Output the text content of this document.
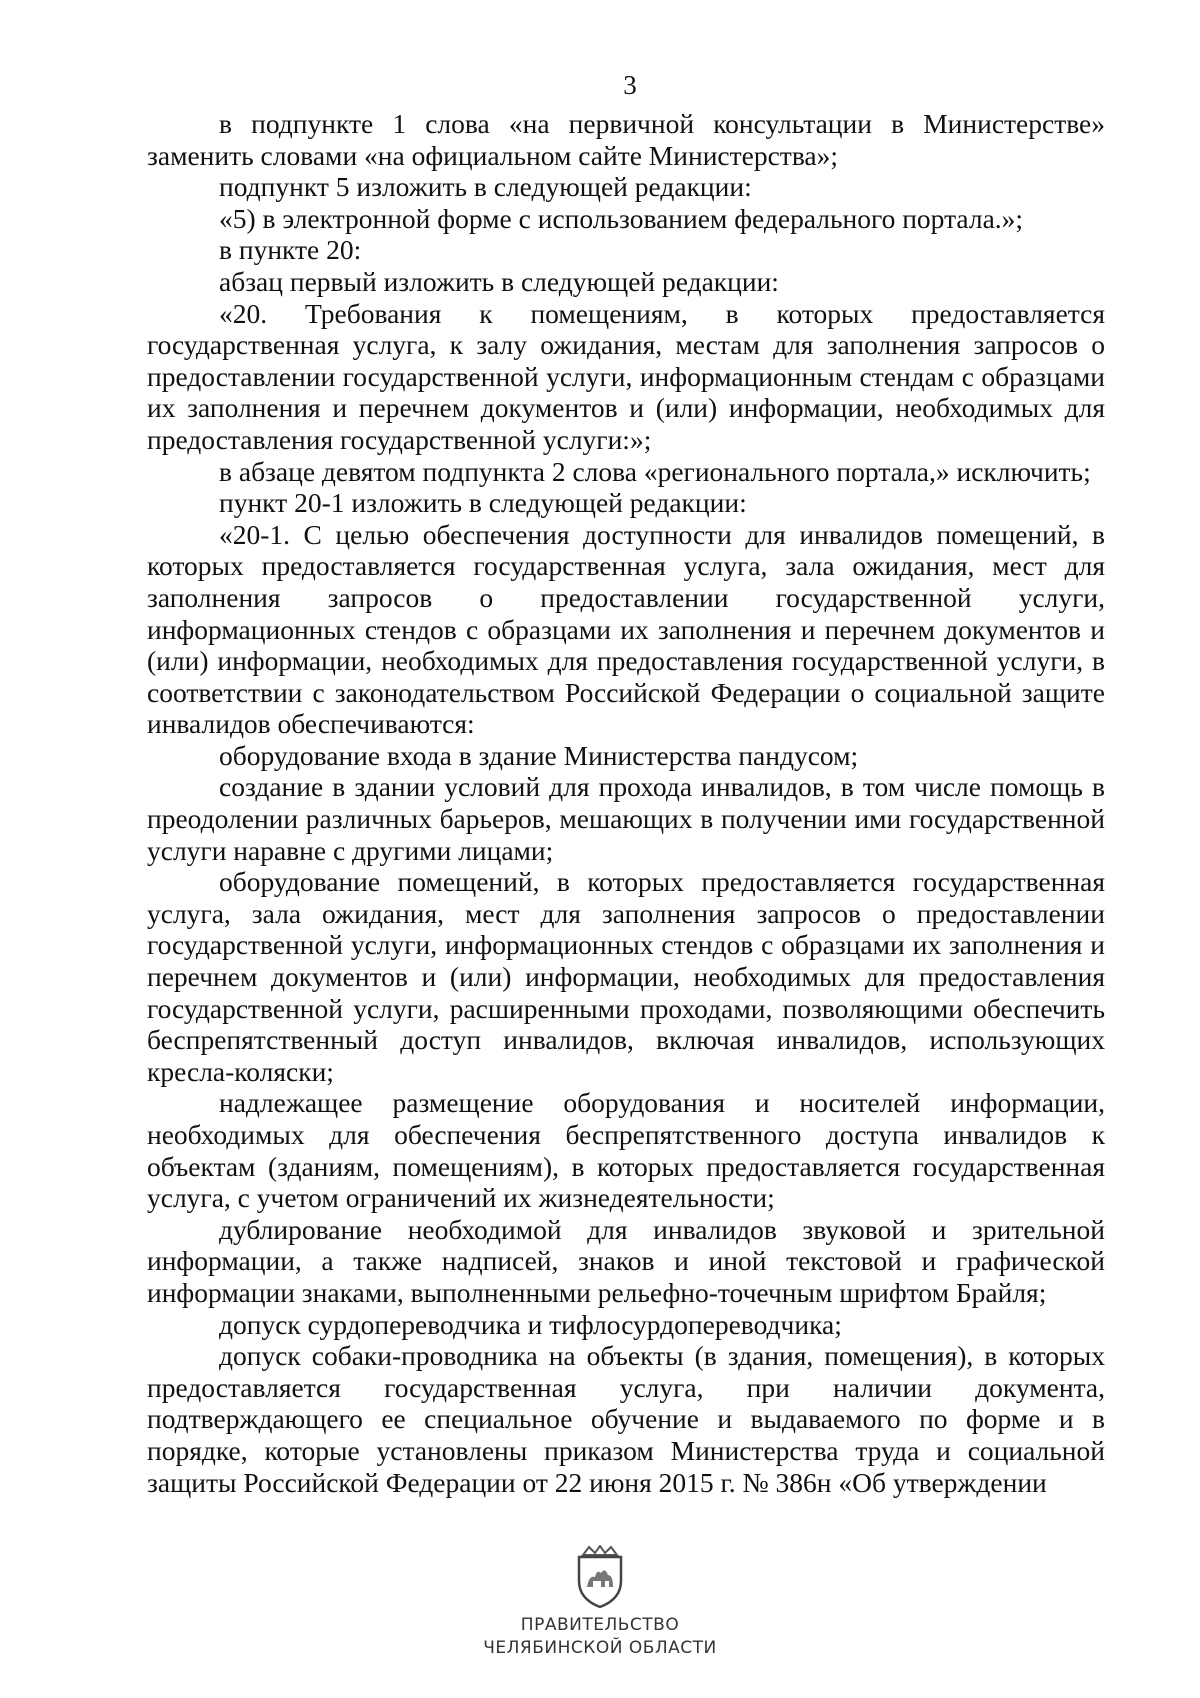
3

в подпункте 1 слова «на первичной консультации в Министерстве» заменить словами «на официальном сайте Министерства»;

подпункт 5 изложить в следующей редакции:

«5) в электронной форме с использованием федерального портала.»;

в пункте 20:

абзац первый изложить в следующей редакции:

«20. Требования к помещениям, в которых предоставляется государственная услуга, к залу ожидания, местам для заполнения запросов о предоставлении государственной услуги, информационным стендам с образцами их заполнения и перечнем документов и (или) информации, необходимых для предоставления государственной услуги:»;

в абзаце девятом подпункта 2 слова «регионального портала,» исключить;

пункт 20-1 изложить в следующей редакции:

«20-1. С целью обеспечения доступности для инвалидов помещений, в которых предоставляется государственная услуга, зала ожидания, мест для заполнения запросов о предоставлении государственной услуги, информационных стендов с образцами их заполнения и перечнем документов и (или) информации, необходимых для предоставления государственной услуги, в соответствии с законодательством Российской Федерации о социальной защите инвалидов обеспечиваются:

оборудование входа в здание Министерства пандусом;

создание в здании условий для прохода инвалидов, в том числе помощь в преодолении различных барьеров, мешающих в получении ими государственной услуги наравне с другими лицами;

оборудование помещений, в которых предоставляется государственная услуга, зала ожидания, мест для заполнения запросов о предоставлении государственной услуги, информационных стендов с образцами их заполнения и перечнем документов и (или) информации, необходимых для предоставления государственной услуги, расширенными проходами, позволяющими обеспечить беспрепятственный доступ инвалидов, включая инвалидов, использующих кресла-коляски;

надлежащее размещение оборудования и носителей информации, необходимых для обеспечения беспрепятственного доступа инвалидов к объектам (зданиям, помещениям), в которых предоставляется государственная услуга, с учетом ограничений их жизнедеятельности;

дублирование необходимой для инвалидов звуковой и зрительной информации, а также надписей, знаков и иной текстовой и графической информации знаками, выполненными рельефно-точечным шрифтом Брайля;

допуск сурдопереводчика и тифлосурдопереводчика;

допуск собаки-проводника на объекты (в здания, помещения), в которых предоставляется государственная услуга, при наличии документа, подтверждающего ее специальное обучение и выдаваемого по форме и в порядке, которые установлены приказом Министерства труда и социальной защиты Российской Федерации от 22 июня 2015 г. № 386н «Об утверждении

ПРАВИТЕЛЬСТВО
ЧЕЛЯБИНСКОЙ ОБЛАСТИ
